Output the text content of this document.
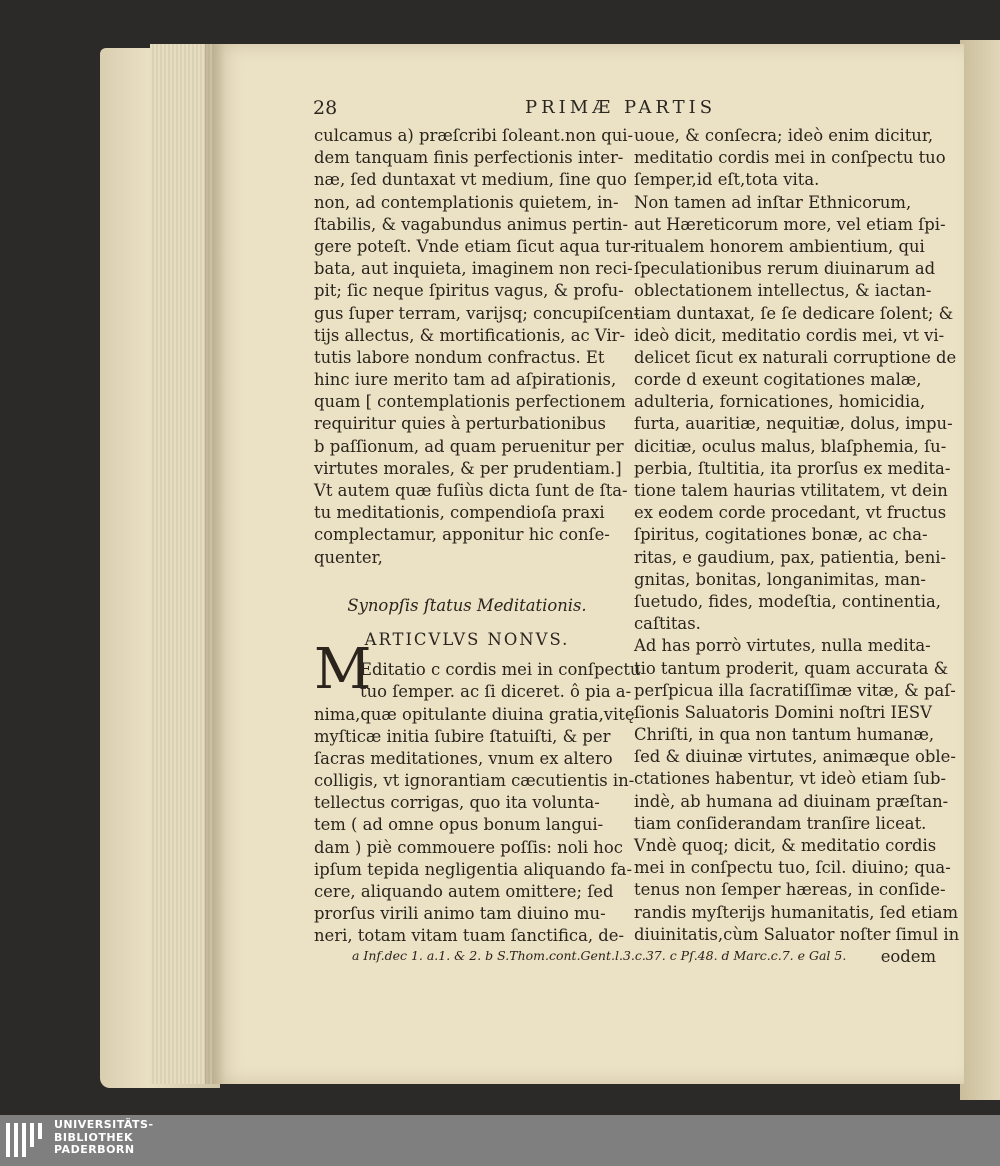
28	PRIMÆ PARTIS
culcamus a) præſcribi ſoleant.non qui-
dem tanquam finis perfectionis inter-
næ, ſed duntaxat vt medium, ſine quo
non, ad contemplationis quietem, in-
ſtabilis, & vagabundus animus pertin-
gere poteſt. Vnde etiam ſicut aqua tur-
bata, aut inquieta, imaginem non reci-
pit; ſic neque ſpiritus vagus, & profu-
gus ſuper terram, varijsq; concupiſcen-
tijs allectus, & mortificationis, ac Vir-
tutis labore nondum confractus. Et
hinc iure merito tam ad aſpirationis,
quam [ contemplationis perfectionem
requiritur quies à perturbationibus
b paſſionum, ad quam peruenitur per
virtutes morales, & per prudentiam.]
Vt autem quæ fuſiùs dicta ſunt de ſta-
tu meditationis, compendioſa praxi
complectamur, apponitur hic conſe-
quenter,
Synopſis ſtatus Meditationis.
ARTICVLVS NONVS.
Editatio c cordis mei in conſpectu
tuo ſemper. ac ſi diceret. ô pia a-
nima,quæ opitulante diuina gratia,vitę
myſticæ initia ſubire ſtatuiſti, & per
ſacras meditationes, vnum ex altero
colligis, vt ignorantiam cæcutientis in-
tellectus corrigas, quo ita volunta-
tem ( ad omne opus bonum langui-
dam ) piè commouere poſſis: noli hoc
ipſum tepida negligentia aliquando fa-
cere, aliquando autem omittere; ſed
prorſus virili animo tam diuino mu-
neri, totam vitam tuam ſanctifica, de-
M
uoue, & conſecra; ideò enim dicitur,
meditatio cordis mei in conſpectu tuo
ſemper,id eſt,tota vita.
Non tamen ad inſtar Ethnicorum,
aut Hæreticorum more, vel etiam ſpi-
ritualem honorem ambientium, qui
ſpeculationibus rerum diuinarum ad
oblectationem intellectus, & iactan-
tiam duntaxat, ſe ſe dedicare ſolent; &
ideò dicit, meditatio cordis mei, vt vi-
delicet ſicut ex naturali corruptione de
corde d exeunt cogitationes malæ,
adulteria, fornicationes, homicidia,
furta, auaritiæ, nequitiæ, dolus, impu-
dicitiæ, oculus malus, blaſphemia, ſu-
perbia, ſtultitia, ita prorſus ex medita-
tione talem haurias vtilitatem, vt dein
ex eodem corde procedant, vt fructus
ſpiritus, cogitationes bonæ, ac cha-
ritas, e gaudium, pax, patientia, beni-
gnitas, bonitas, longanimitas, man-
ſuetudo, fides, modeſtia, continentia,
caſtitas.
Ad has porrò virtutes, nulla medita-
tio tantum proderit, quam accurata &
perſpicua illa ſacratiſſimæ vitæ, & paſ-
ſionis Saluatoris Domini noſtri IESV
Chriſti, in qua non tantum humanæ,
ſed & diuinæ virtutes, animæque oble-
ctationes habentur, vt ideò etiam ſub-
indè, ab humana ad diuinam præſtan-
tiam conſiderandam tranſire liceat.
Vndè quoq; dicit, & meditatio cordis
mei in conſpectu tuo, ſcil. diuino; qua-
tenus non ſemper hæreas, in conſide-
randis myſterijs humanitatis, ſed etiam
diuinitatis,cùm Saluator noſter ſimul in
eodem
a Inf.dec 1. a.1. & 2. b S.Thom.cont.Gent.l.3.c.37. c Pſ.48. d Marc.c.7. e Gal 5.
UNIVERSITÄTS-
BIBLIOTHEK
PADERBORN
